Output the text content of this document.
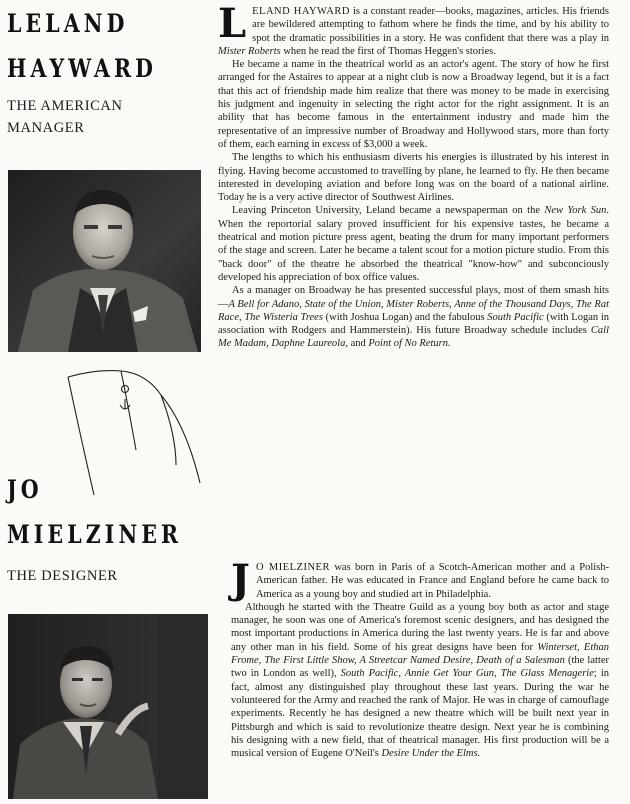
LELAND
HAYWARD
THE AMERICAN
MANAGER
JO
MIELZINER
THE DESIGNER

LELAND HAYWARD is a constant reader—books, magazines, articles. His friends are bewildered attempting to fathom where he finds the time, and by his ability to spot the dramatic possibilities in a story. He was confident that there was a play in Mister Roberts when he read the first of Thomas Heggen's stories.

He became a name in the theatrical world as an actor's agent. The story of how he first arranged for the Astaires to appear at a night club is now a Broadway legend, but it is a fact that this act of friendship made him realize that there was money to be made in exercising his judgment and ingenuity in selecting the right actor for the right assignment. It is an ability that has become famous in the entertainment industry and made him the representative of an impressive number of Broadway and Hollywood stars, more than forty of them, each earning in excess of $3,000 a week.

The lengths to which his enthusiasm diverts his energies is illustrated by his interest in flying. Having become accustomed to travelling by plane, he learned to fly. He then became interested in developing aviation and before long was on the board of a national airline. Today he is a very active director of Southwest Airlines.

Leaving Princeton University, Leland became a newspaperman on the New York Sun. When the reportorial salary proved insufficient for his expensive tastes, he became a theatrical and motion picture press agent, beating the drum for many important performers of the stage and screen. Later he became a talent scout for a motion picture studio. From this "back door" of the theatre he absorbed the theatrical "know-how" and subconciously developed his appreciation of box office values.

As a manager on Broadway he has presented successful plays, most of them smash hits—A Bell for Adano, State of the Union, Mister Roberts, Anne of the Thousand Days, The Rat Race, The Wisteria Trees (with Joshua Logan) and the fabulous South Pacific (with Logan in association with Rodgers and Hammerstein). His future Broadway schedule includes Call Me Madam, Daphne Laureola, and Point of No Return.

J O MIELZINER was born in Paris of a Scotch-American mother and a Polish-American father. He was educated in France and England before he came back to America as a young boy and studied art in Philadelphia.

Although he started with the Theatre Guild as a young boy both as actor and stage manager, he soon was one of America's foremost scenic designers, and has designed the most important productions in America during the last twenty years. He is far and above any other man in his field. Some of his great designs have been for Winterset, Ethan Frome, The First Little Show, A Streetcar Named Desire, Death of a Salesman (the latter two in London as well), South Pacific, Annie Get Your Gun, The Glass Menagerie; in fact, almost any distinguished play throughout these last years. During the war he volunteered for the Army and reached the rank of Major. He was in charge of camouflage experiments. Recently he has designed a new theatre which will be built next year in Pittsburgh and which is said to revolutionize theatre design. Next year he is combining his designing with a new field, that of theatrical manager. His first production will be a musical version of Eugene O'Neil's Desire Under the Elms.
